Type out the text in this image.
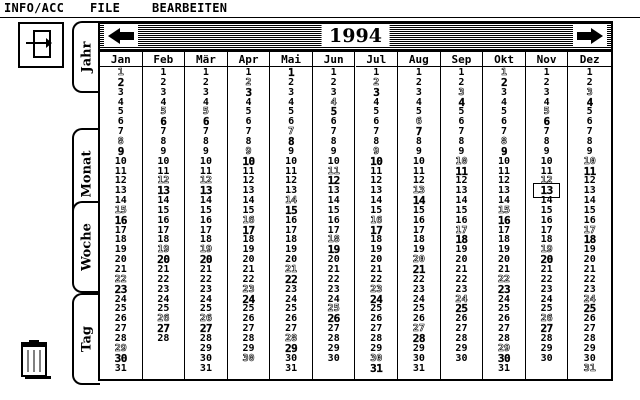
INFO/ACC FILE	BEARBEITEN
Jahr
Monat
Woche
Tag
1994
Jan
1
2
3
4
5
6
7
8
9
10
11
12
13
14
15
16
17
18
19
20
21
22
23
24
25
26
27
28
29
30
31
Feb
1
2
3
4
5
6
7
8
9
10
11
12
13
14
15
16
17
18
19
20
21
22
23
24
25
26
27
28
Mär
1
2
3
4
5
6
7
8
9
10
11
12
13
14
15
16
17
18
19
20
21
22
23
24
25
26
27
28
29
30
31
Apr
1
2
3
4
5
6
7
8
9
10
11
12
13
14
15
16
17
18
19
20
21
22
23
24
25
26
27
28
29
30
Mai
1
2
3
4
5
6
7
8
9
10
11
12
13
14
15
16
17
18
19
20
21
22
23
24
25
26
27
28
29
30
31
Jun
1
2
3
4
5
6
7
8
9
10
11
12
13
14
15
16
17
18
19
20
21
22
23
24
25
26
27
28
29
30
Jul
1
2
3
4
5
6
7
8
9
10
11
12
13
14
15
16
17
18
19
20
21
22
23
24
25
26
27
28
29
30
31
Aug
1
2
3
4
5
6
7
8
9
10
11
12
13
14
15
16
17
18
19
20
21
22
23
24
25
26
27
28
29
30
31
Sep
1
2
3
4
5
6
7
8
9
10
11
12
13
14
15
16
17
18
19
20
21
22
23
24
25
26
27
28
29
30
Okt
1
2
3
4
5
6
7
8
9
10
11
12
13
14
15
16
17
18
19
20
21
22
23
24
25
26
27
28
29
30
31
Nov
1
2
3
4
5
6
7
8
9
10
11
12
13
14
15
16
17
18
19
20
21
22
23
24
25
26
27
28
29
30
Dez
1
2
3
4
5
6
7
8
9
10
11
12
13
14
15
16
17
18
19
20
21
22
23
24
25
26
27
28
29
30
31
